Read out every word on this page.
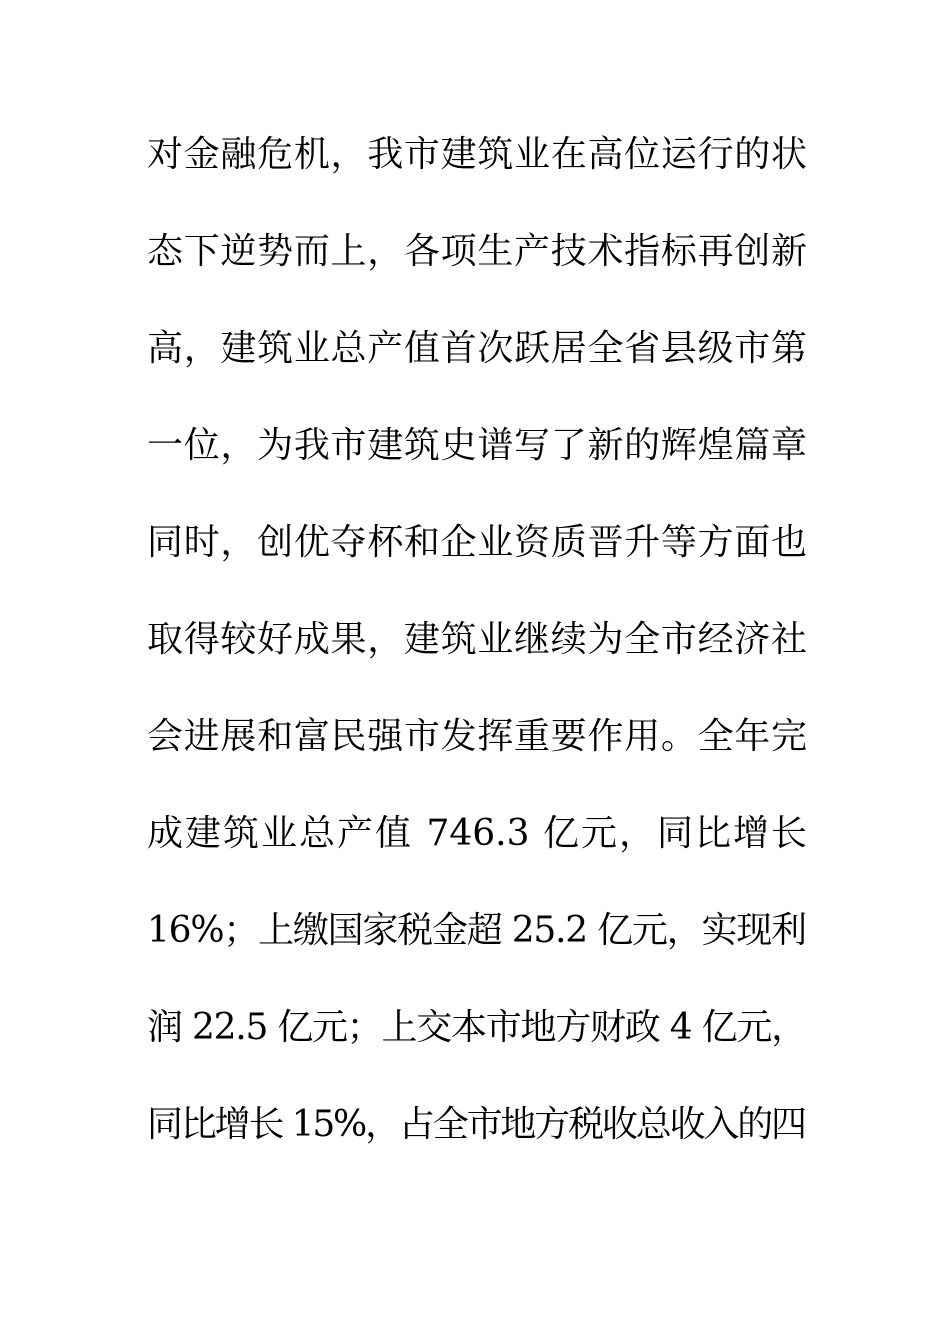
对金融危机，我市建筑业在高位运行的状
态下逆势而上，各项生产技术指标再创新
高，建筑业总产值首次跃居全省县级市第
一位，为我市建筑史谱写了新的辉煌篇章
同时，创优夺杯和企业资质晋升等方面也
取得较好成果，建筑业继续为全市经济社
会进展和富民强市发挥重要作用。全年完
成建筑业总产值 746.3 亿元，同比增长
16%；上缴国家税金超 25.2 亿元，实现利
润 22.5 亿元；上交本市地方财政 4 亿元，
同比增长 15%，占全市地方税收总收入的四
